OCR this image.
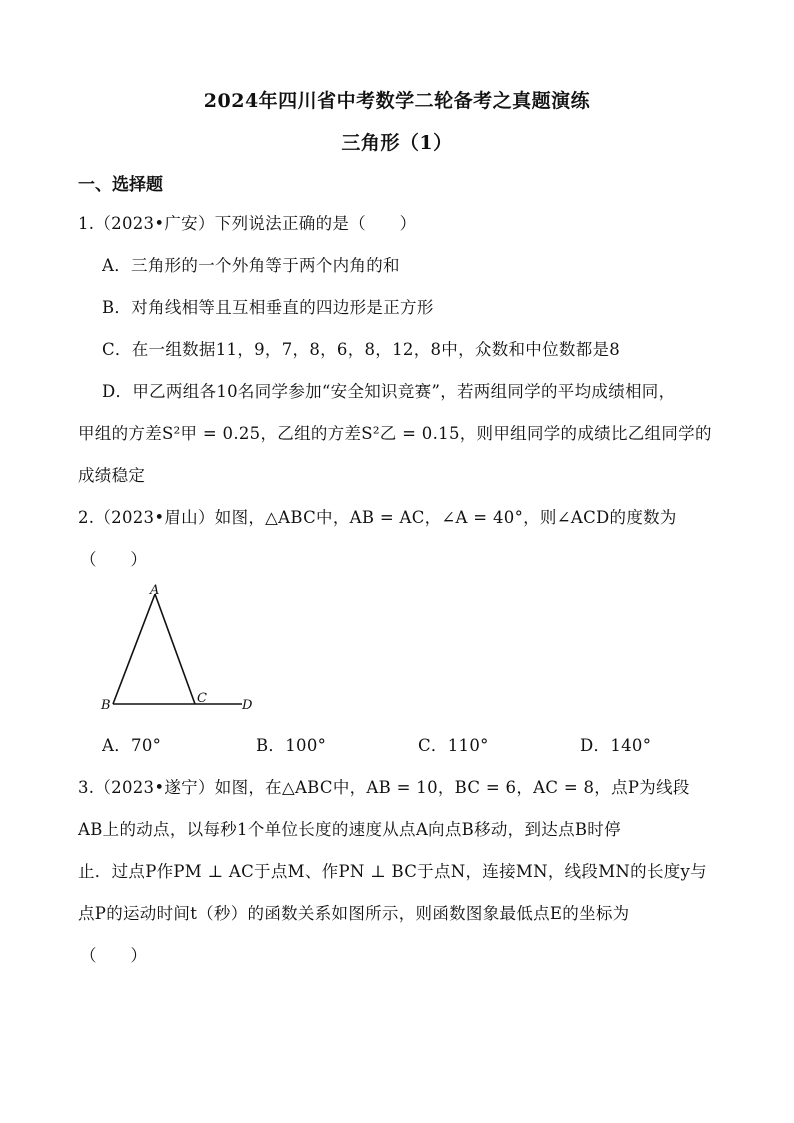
2024年四川省中考数学二轮备考之真题演练
三角形（1）
一、选择题
1.（2023•广安）下列说法正确的是（　　）
A．三角形的一个外角等于两个内角的和
B．对角线相等且互相垂直的四边形是正方形
C．在一组数据11，9，7，8，6，8，12，8中，众数和中位数都是8
D．甲乙两组各10名同学参加“安全知识竞赛”，若两组同学的平均成绩相同，
甲组的方差S²甲 = 0.25，乙组的方差S²乙 = 0.15，则甲组同学的成绩比乙组同学的
成绩稳定
2.（2023•眉山）如图，△ABC中，AB = AC，∠A = 40°，则∠ACD的度数为
（　　）
A
B	C	D
A．70°	B．100°	C．110°	D．140°
3.（2023•遂宁）如图，在△ABC中，AB = 10，BC = 6，AC = 8，点P为线段
AB上的动点，以每秒1个单位长度的速度从点A向点B移动，到达点B时停
止．过点P作PM ⊥ AC于点M、作PN ⊥ BC于点N，连接MN，线段MN的长度y与
点P的运动时间t（秒）的函数关系如图所示，则函数图象最低点E的坐标为
（　　）
